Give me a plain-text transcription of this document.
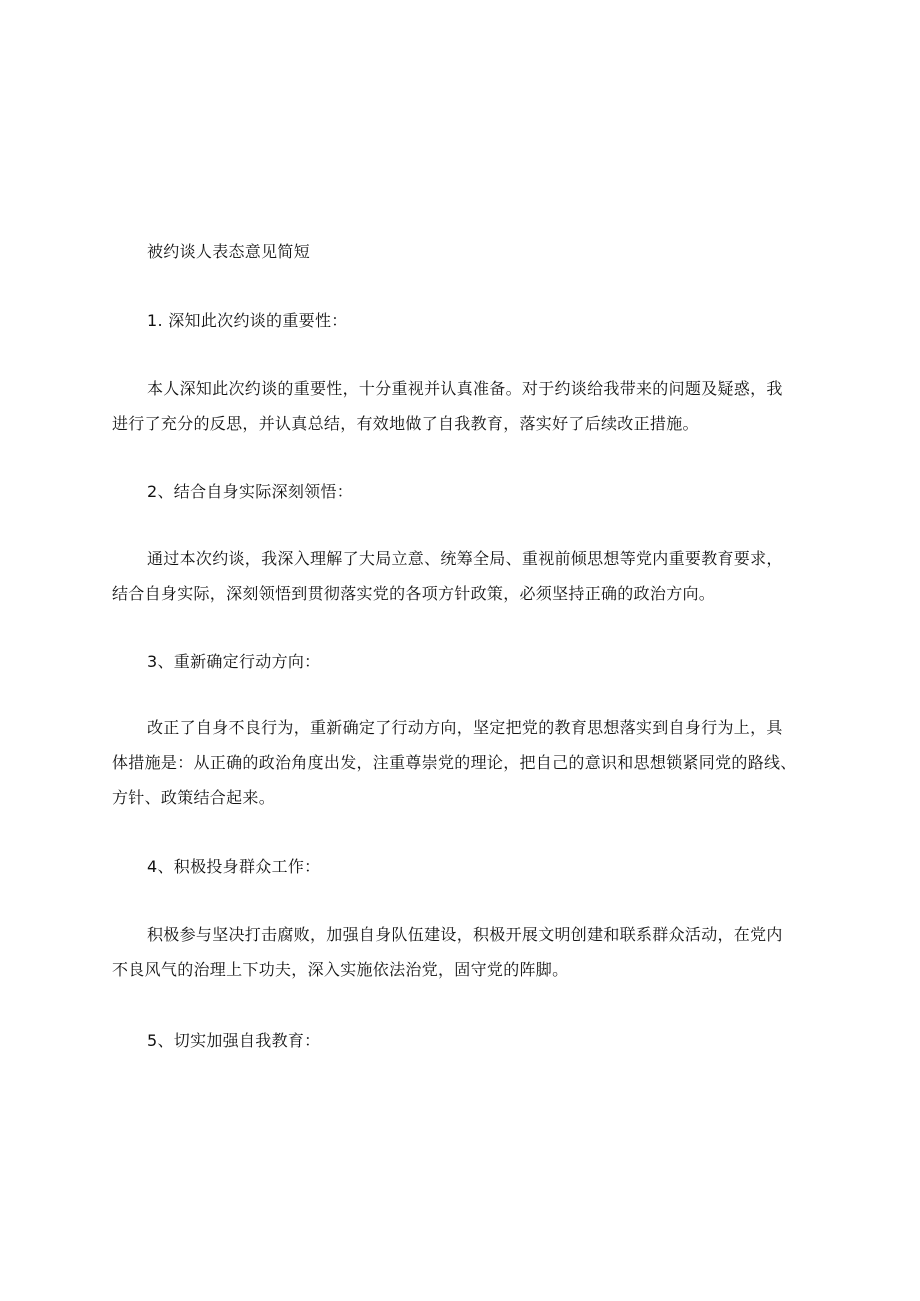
被约谈人表态意见简短
1. 深知此次约谈的重要性：
本人深知此次约谈的重要性，十分重视并认真准备。对于约谈给我带来的问题及疑惑，我
进行了充分的反思，并认真总结，有效地做了自我教育，落实好了后续改正措施。
2、结合自身实际深刻领悟：
通过本次约谈，我深入理解了大局立意、统筹全局、重视前倾思想等党内重要教育要求，
结合自身实际，深刻领悟到贯彻落实党的各项方针政策，必须坚持正确的政治方向。
3、重新确定行动方向：
改正了自身不良行为，重新确定了行动方向，坚定把党的教育思想落实到自身行为上，具
体措施是：从正确的政治角度出发，注重尊崇党的理论，把自己的意识和思想锁紧同党的路线、
方针、政策结合起来。
4、积极投身群众工作：
积极参与坚决打击腐败，加强自身队伍建设，积极开展文明创建和联系群众活动，在党内
不良风气的治理上下功夫，深入实施依法治党，固守党的阵脚。
5、切实加强自我教育：
